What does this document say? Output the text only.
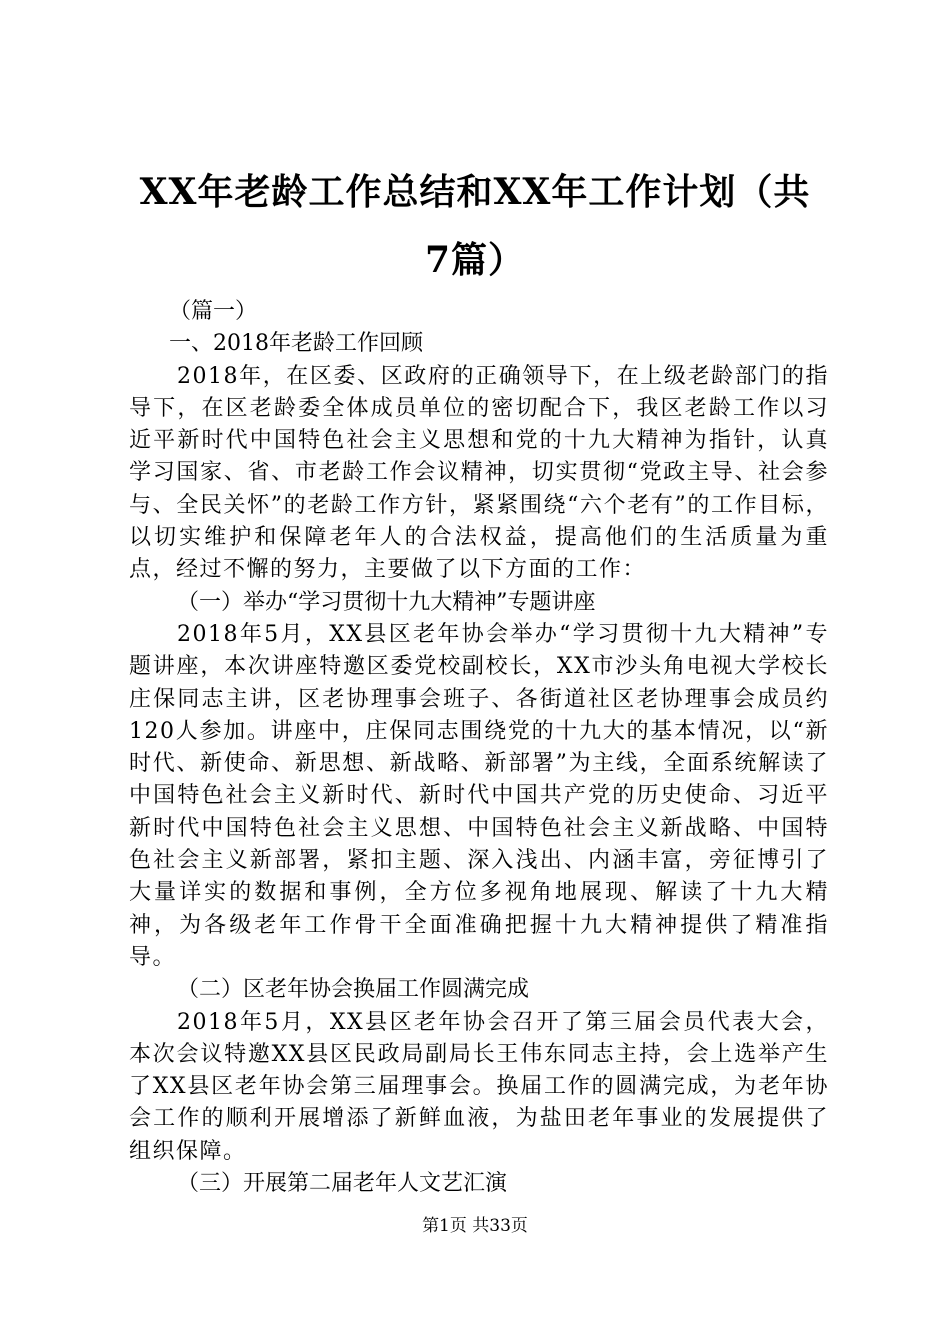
XX年老龄工作总结和XX年工作计划（共7篇）

（篇一）

一、2018年老龄工作回顾

2018年，在区委、区政府的正确领导下，在上级老龄部门的指导下，在区老龄委全体成员单位的密切配合下，我区老龄工作以习近平新时代中国特色社会主义思想和党的十九大精神为指针，认真学习国家、省、市老龄工作会议精神，切实贯彻“党政主导、社会参与、全民关怀”的老龄工作方针，紧紧围绕“六个老有”的工作目标，以切实维护和保障老年人的合法权益，提高他们的生活质量为重点，经过不懈的努力，主要做了以下方面的工作：

（一）举办“学习贯彻十九大精神”专题讲座

2018年5月，XX县区老年协会举办“学习贯彻十九大精神”专题讲座，本次讲座特邀区委党校副校长，XX市沙头角电视大学校长庄保同志主讲，区老协理事会班子、各街道社区老协理事会成员约120人参加。讲座中，庄保同志围绕党的十九大的基本情况，以“新时代、新使命、新思想、新战略、新部署”为主线，全面系统解读了中国特色社会主义新时代、新时代中国共产党的历史使命、习近平新时代中国特色社会主义思想、中国特色社会主义新战略、中国特色社会主义新部署，紧扣主题、深入浅出、内涵丰富，旁征博引了大量详实的数据和事例，全方位多视角地展现、解读了十九大精神，为各级老年工作骨干全面准确把握十九大精神提供了精准指导。

（二）区老年协会换届工作圆满完成

2018年5月，XX县区老年协会召开了第三届会员代表大会，本次会议特邀XX县区民政局副局长王伟东同志主持，会上选举产生了XX县区老年协会第三届理事会。换届工作的圆满完成，为老年协会工作的顺利开展增添了新鲜血液，为盐田老年事业的发展提供了组织保障。

（三）开展第二届老年人文艺汇演

第1页 共33页
